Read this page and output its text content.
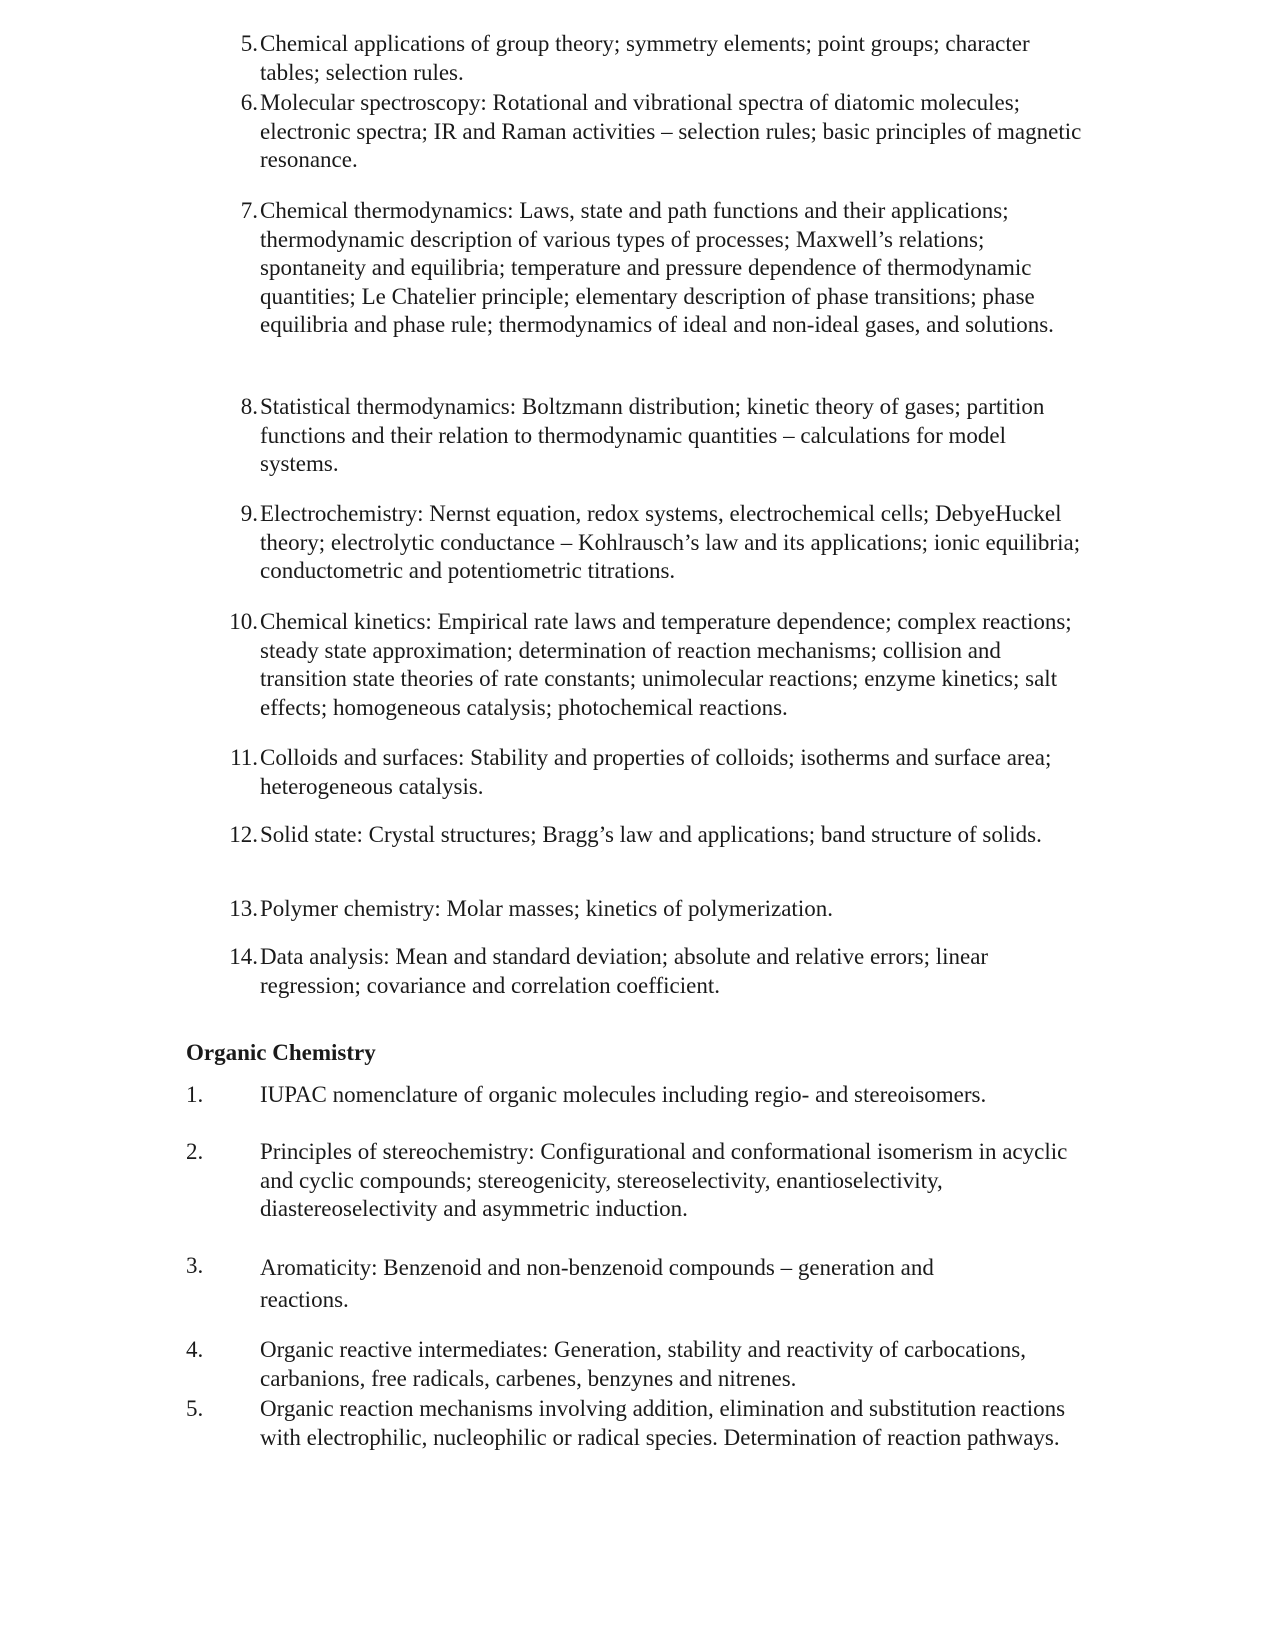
5. Chemical applications of group theory; symmetry elements; point groups; character tables; selection rules.
6. Molecular spectroscopy: Rotational and vibrational spectra of diatomic molecules; electronic spectra; IR and Raman activities – selection rules; basic principles of magnetic resonance.
7. Chemical thermodynamics: Laws, state and path functions and their applications; thermodynamic description of various types of processes; Maxwell’s relations; spontaneity and equilibria; temperature and pressure dependence of thermodynamic quantities; Le Chatelier principle; elementary description of phase transitions; phase equilibria and phase rule; thermodynamics of ideal and non-ideal gases, and solutions.
8. Statistical thermodynamics: Boltzmann distribution; kinetic theory of gases; partition functions and their relation to thermodynamic quantities – calculations for model systems.
9. Electrochemistry: Nernst equation, redox systems, electrochemical cells; DebyeHuckel theory; electrolytic conductance – Kohlrausch’s law and its applications; ionic equilibria; conductometric and potentiometric titrations.
10. Chemical kinetics: Empirical rate laws and temperature dependence; complex reactions; steady state approximation; determination of reaction mechanisms; collision and transition state theories of rate constants; unimolecular reactions; enzyme kinetics; salt effects; homogeneous catalysis; photochemical reactions.
11. Colloids and surfaces: Stability and properties of colloids; isotherms and surface area; heterogeneous catalysis.
12. Solid state: Crystal structures; Bragg’s law and applications; band structure of solids.
13. Polymer chemistry: Molar masses; kinetics of polymerization.
14. Data analysis: Mean and standard deviation; absolute and relative errors; linear regression; covariance and correlation coefficient.
Organic Chemistry
1.	IUPAC nomenclature of organic molecules including regio- and stereoisomers.
2.	Principles of stereochemistry: Configurational and conformational isomerism in acyclic and cyclic compounds; stereogenicity, stereoselectivity, enantioselectivity, diastereoselectivity and asymmetric induction.
3.	Aromaticity: Benzenoid and non-benzenoid compounds – generation and reactions.
4.	Organic reactive intermediates: Generation, stability and reactivity of carbocations, carbanions, free radicals, carbenes, benzynes and nitrenes.
5.	Organic reaction mechanisms involving addition, elimination and substitution reactions with electrophilic, nucleophilic or radical species. Determination of reaction pathways.
